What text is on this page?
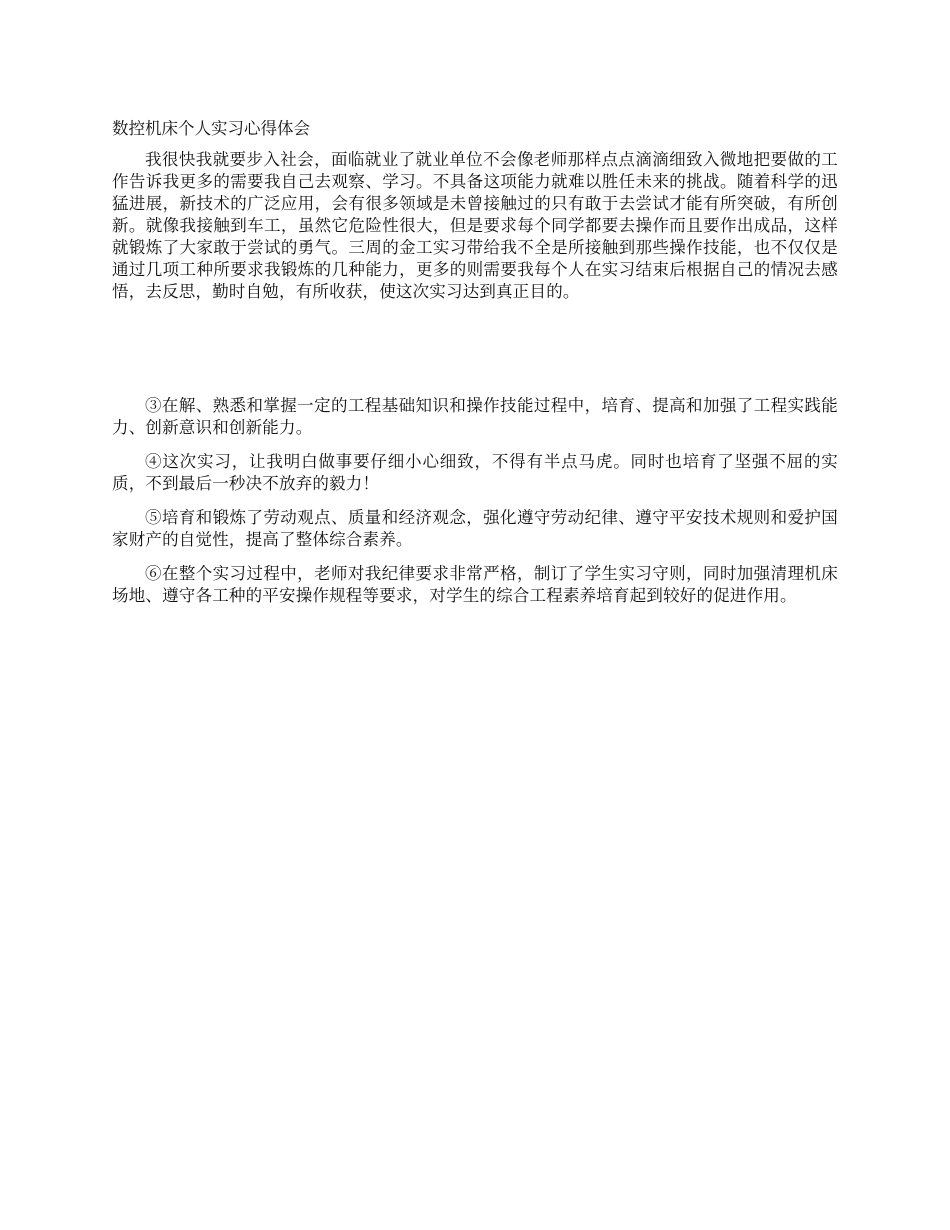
数控机床个人实习心得体会

我很快我就要步入社会，面临就业了就业单位不会像老师那样点点滴滴细致入微地把要做的工作告诉我更多的需要我自己去观察、学习。不具备这项能力就难以胜任未来的挑战。随着科学的迅猛进展，新技术的广泛应用，会有很多领域是未曾接触过的只有敢于去尝试才能有所突破，有所创新。就像我接触到车工，虽然它危险性很大，但是要求每个同学都要去操作而且要作出成品，这样就锻炼了大家敢于尝试的勇气。三周的金工实习带给我不全是所接触到那些操作技能，也不仅仅是通过几项工种所要求我锻炼的几种能力，更多的则需要我每个人在实习结束后根据自己的情况去感悟，去反思，勤时自勉，有所收获，使这次实习达到真正目的。

③在解、熟悉和掌握一定的工程基础知识和操作技能过程中，培育、提高和加强了工程实践能力、创新意识和创新能力。

④这次实习，让我明白做事要仔细小心细致，不得有半点马虎。同时也培育了坚强不屈的实质，不到最后一秒决不放弃的毅力！

⑤培育和锻炼了劳动观点、质量和经济观念，强化遵守劳动纪律、遵守平安技术规则和爱护国家财产的自觉性，提高了整体综合素养。

⑥在整个实习过程中，老师对我纪律要求非常严格，制订了学生实习守则，同时加强清理机床场地、遵守各工种的平安操作规程等要求，对学生的综合工程素养培育起到较好的促进作用。
